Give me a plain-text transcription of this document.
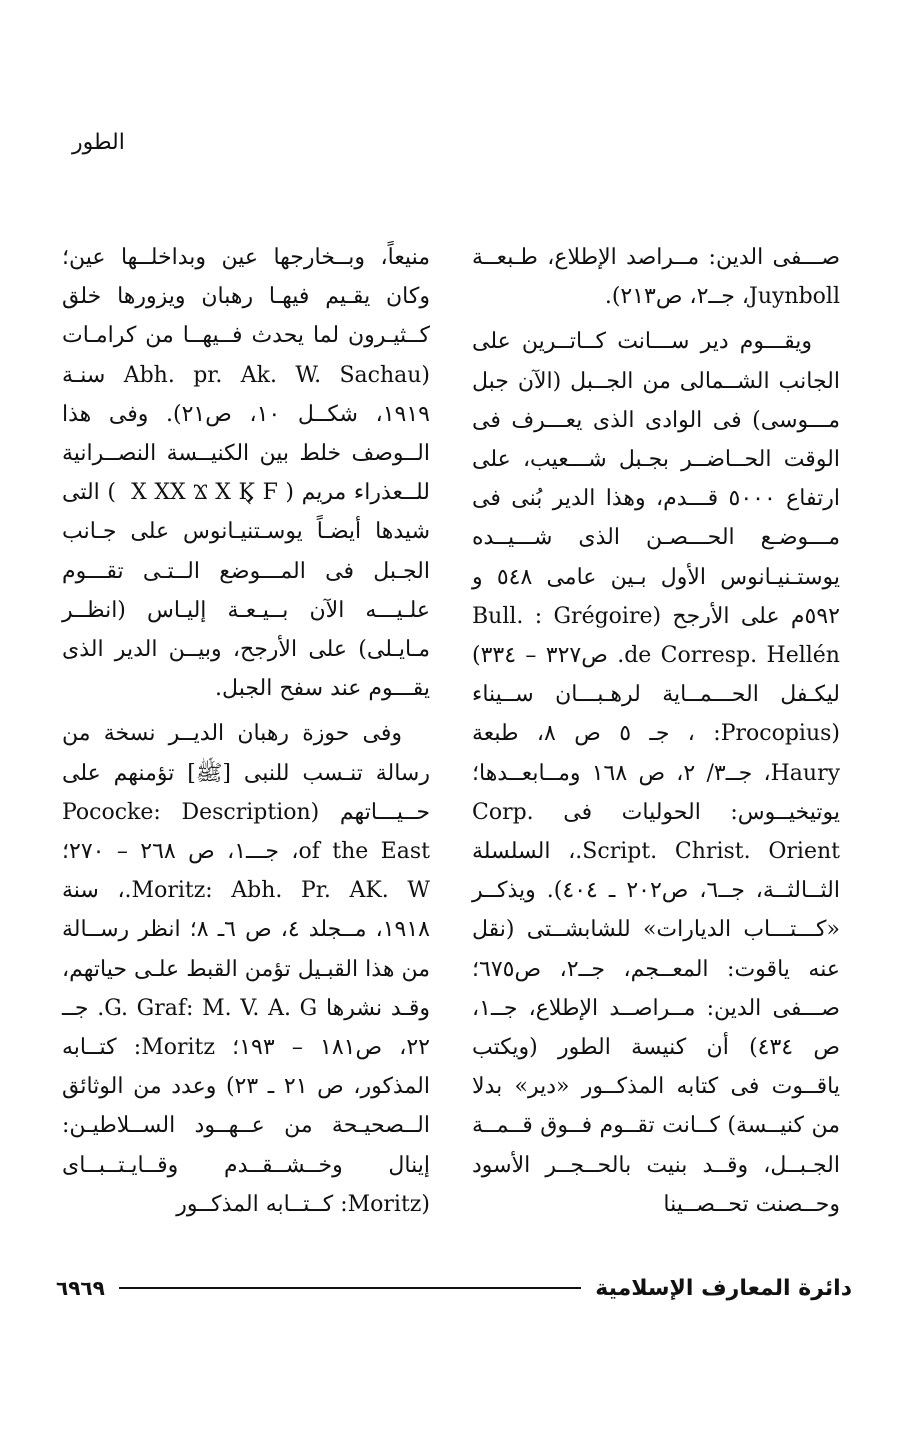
الطور

صـــفى الدين: مــراصد الإطلاع، طـبعــة Juynboll، جــ٢، ص٢١٣).

ويقـــوم دير ســـانت كــاتــرين على الجانب الشــمالى من الجــبل (الآن جبل مـــوسى) فى الوادى الذى يعـــرف فى الوقت الحــاضــر بجـبل شـــعيب، على ارتفاع ٥٠٠٠ قـــدم، وهذا الدير بُنى فى مـــوضـع الحـــصـن الذى شـــيــده يوستـنيـانوس الأول بـين عامى ٥٤٨ و ٥٩٢م على الأرجح (Bull. : Grégoire de Corresp. Hellén. ص٣٢٧ – ٣٣٤) ليكـفل الحـــمــاية لرهـبـــان ســيناء (Procopius: ، جـ ٥ ص ٨، طبعة Haury، جــ٣/ ٢، ص ١٦٨ ومــابعــدها؛ يوتيخيــوس: الحوليات فى Corp. Script. Christ. Orient.، السلسلة الثــالثــة، جــ٦، ص٢٠٢ ـ ٤٠٤). ويذكــر «كـــتـــاب الديارات» للشابشــتى (نقل عنه ياقوت: المعــجم، جــ٢، ص٦٧٥؛ صـــفى الدين: مــراصــد الإطلاع، جــ١، ص ٤٣٤) أن كنيسة الطور (ويكتب ياقــوت فى كتابه المذكــور «دير» بدلا من كنيــسة) كــانت تقــوم فــوق قــمــة الجـبــل، وقــد بنيت بالحــجــر الأسود وحــصنت تحــصــينا

منيعاً، وبــخارجها عين وبداخلــها عين؛ وكان يقـيم فيهـا رهبان ويزورها خلق كــثيـرون لما يحدث فــيهــا من كرامـات (Abh. pr. Ak. W. Sachau سنـة ١٩١٩، شكــل ١٠، ص٢١). وفى هذا الــوصف خلط بين الكنيــسة النصــرانية للــعذراء مريم ( ‎ ‎Χ ΧΧ Ϫ Χ Ϗ Ϝ ) التى شيدها أيضـاً يوسـتنيـانوس على جـانب الجـبل فى المـــوضع الــتـى تقـــوم علـيـــه الآن بــيـعـة إليـاس (انظــر مـايـلى) على الأرجح، وبيــن الدير الذى يقـــوم عند سفح الجبل.

وفى حوزة رهبان الديــر نسخة من رسالة تنـسب للنبى [ﷺ] تؤمنهم على حــيـــاتهم (Pococke: Description of the East، جـــ١، ص ٢٦٨ – ٢٧٠؛ Moritz: Abh. Pr. AK. W.، سنة ١٩١٨، مــجلد ٤، ص ٦ـ ٨؛ انظر رســالة من هذا القبـيل تؤمن القبط علـى حياتهم، وقـد نشرها G. Graf: M. V. A. G. جــ ٢٢، ص١٨١ – ١٩٣؛ Moritz: كتــابه المذكور، ص ٢١ ـ ٢٣) وعدد من الوثائق الــصحيـحة من عــهــود الســلاطيـن: إينال وخــشــقــدم وقــايـتــبــاى (Moritz: كــتــابه المذكــور

دائرة المعارف الإسلامية
٦٩٦٩
